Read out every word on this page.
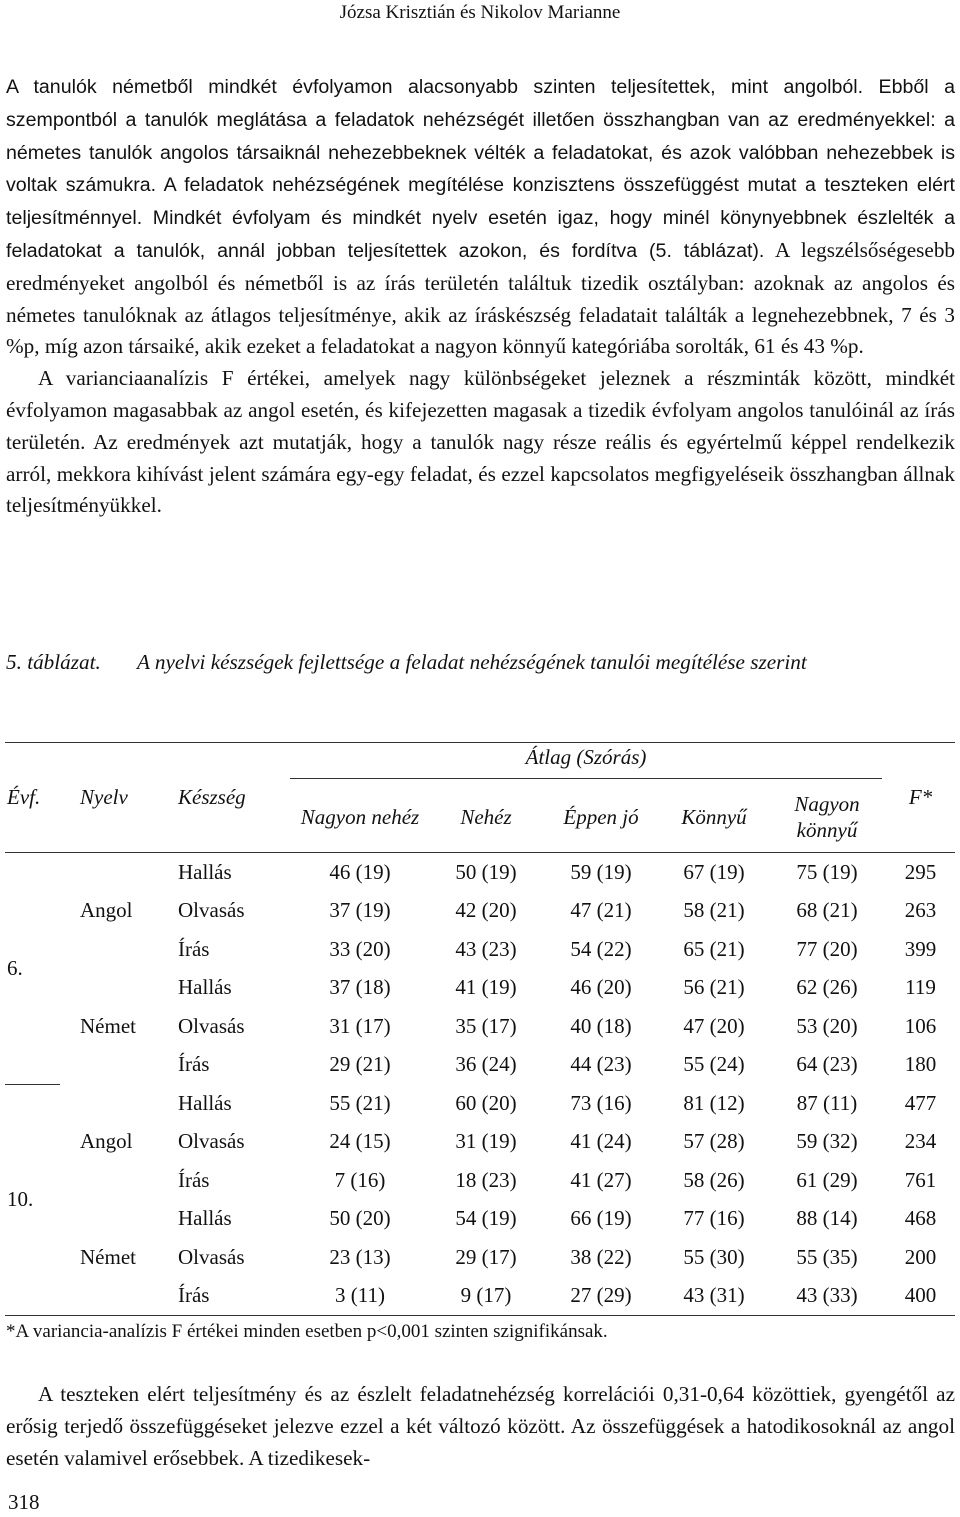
Józsa Krisztián és Nikolov Marianne

A tanulók németből mindkét évfolyamon alacsonyabb szinten teljesítettek, mint angolból. Ebből a szempontból a tanulók meglátása a feladatok nehézségét illetően összhangban van az eredményekkel: a németes tanulók angolos társaiknál nehezebbeknek vélték a feladatokat, és azok valóbban nehezebbek is voltak számukra. A feladatok nehézségének megítélése konzisztens összefüggést mutat a teszteken elért teljesítménnyel. Mindkét évfolyam és mindkét nyelv esetén igaz, hogy minél könynyebbnek észlelték a feladatokat a tanulók, annál jobban teljesítettek azokon, és fordítva (5. táblázat). A legszélsőségesebb eredményeket angolból és németből is az írás területén találtuk tizedik osztályban: azoknak az angolos és németes tanulóknak az átlagos teljesítménye, akik az íráskészség feladatait találták a legnehezebbnek, 7 és 3 %p, míg azon társaiké, akik ezeket a feladatokat a nagyon könnyű kategóriába sorolták, 61 és 43 %p.

A varianciaanalízis F értékei, amelyek nagy különbségeket jeleznek a részminták között, mindkét évfolyamon magasabbak az angol esetén, és kifejezetten magasak a tizedik évfolyam angolos tanulóinál az írás területén. Az eredmények azt mutatják, hogy a tanulók nagy része reális és egyértelmű képpel rendelkezik arról, mekkora kihívást jelent számára egy-egy feladat, és ezzel kapcsolatos megfigyeléseik összhangban állnak teljesítményükkel.

5. táblázat. A nyelvi készségek fejlettsége a feladat nehézségének tanulói megítélése szerint
Évf.	Nyelv	Készség	Átlag (Szórás)					F*
			Nagyon nehéz	Nehéz	Éppen jó	Könnyű	Nagyon könnyű	
6.	Angol	Hallás	46 (19)	50 (19)	59 (19)	67 (19)	75 (19)	295
		Olvasás	37 (19)	42 (20)	47 (21)	58 (21)	68 (21)	263
		Írás	33 (20)	43 (23)	54 (22)	65 (21)	77 (20)	399
	Német	Hallás	37 (18)	41 (19)	46 (20)	56 (21)	62 (26)	119
		Olvasás	31 (17)	35 (17)	40 (18)	47 (20)	53 (20)	106
		Írás	29 (21)	36 (24)	44 (23)	55 (24)	64 (23)	180
10.	Angol	Hallás	55 (21)	60 (20)	73 (16)	81 (12)	87 (11)	477
		Olvasás	24 (15)	31 (19)	41 (24)	57 (28)	59 (32)	234
		Írás	7 (16)	18 (23)	41 (27)	58 (26)	61 (29)	761
	Német	Hallás	50 (20)	54 (19)	66 (19)	77 (16)	88 (14)	468
		Olvasás	23 (13)	29 (17)	38 (22)	55 (30)	55 (35)	200
		Írás	3 (11)	9 (17)	27 (29)	43 (31)	43 (33)	400
*A variancia-analízis F értékei minden esetben p<0,001 szinten szignifikánsak.

A teszteken elért teljesítmény és az észlelt feladatnehézség korrelációi 0,31-0,64 közöttiek, gyengétől az erősig terjedő összefüggéseket jelezve ezzel a két változó között. Az összefüggések a hatodikosoknál az angol esetén valamivel erősebbek. A tizedikesek-

318
